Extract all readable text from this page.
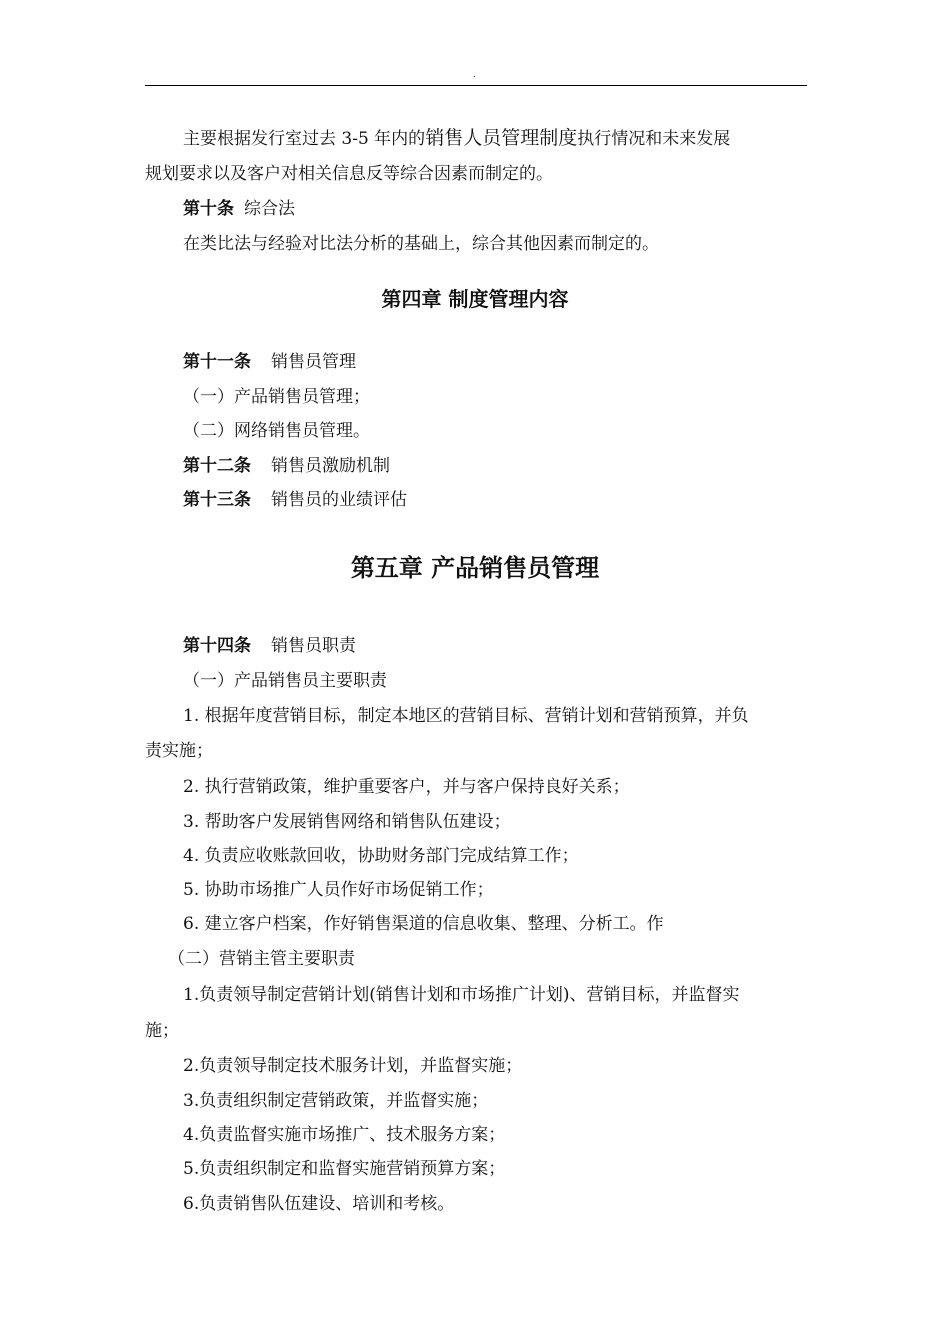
.
主要根据发行室过去 3-5 年内的销售人员管理制度执行情况和未来发展
规划要求以及客户对相关信息反等综合因素而制定的。
第十条 综合法
在类比法与经验对比法分析的基础上，综合其他因素而制定的。
第四章 制度管理内容
第十一条 销售员管理
（一）产品销售员管理；
（二）网络销售员管理。
第十二条 销售员激励机制
第十三条 销售员的业绩评估
第五章 产品销售员管理
第十四条 销售员职责
（一）产品销售员主要职责
1. 根据年度营销目标，制定本地区的营销目标、营销计划和营销预算，并负
责实施；
2. 执行营销政策，维护重要客户，并与客户保持良好关系；
3. 帮助客户发展销售网络和销售队伍建设；
4. 负责应收账款回收，协助财务部门完成结算工作；
5. 协助市场推广人员作好市场促销工作；
6. 建立客户档案，作好销售渠道的信息收集、整理、分析工。作
（二）营销主管主要职责
1.负责领导制定营销计划(销售计划和市场推广计划)、营销目标，并监督实
施；
2.负责领导制定技术服务计划，并监督实施；
3.负责组织制定营销政策，并监督实施；
4.负责监督实施市场推广、技术服务方案；
5.负责组织制定和监督实施营销预算方案；
6.负责销售队伍建设、培训和考核。
